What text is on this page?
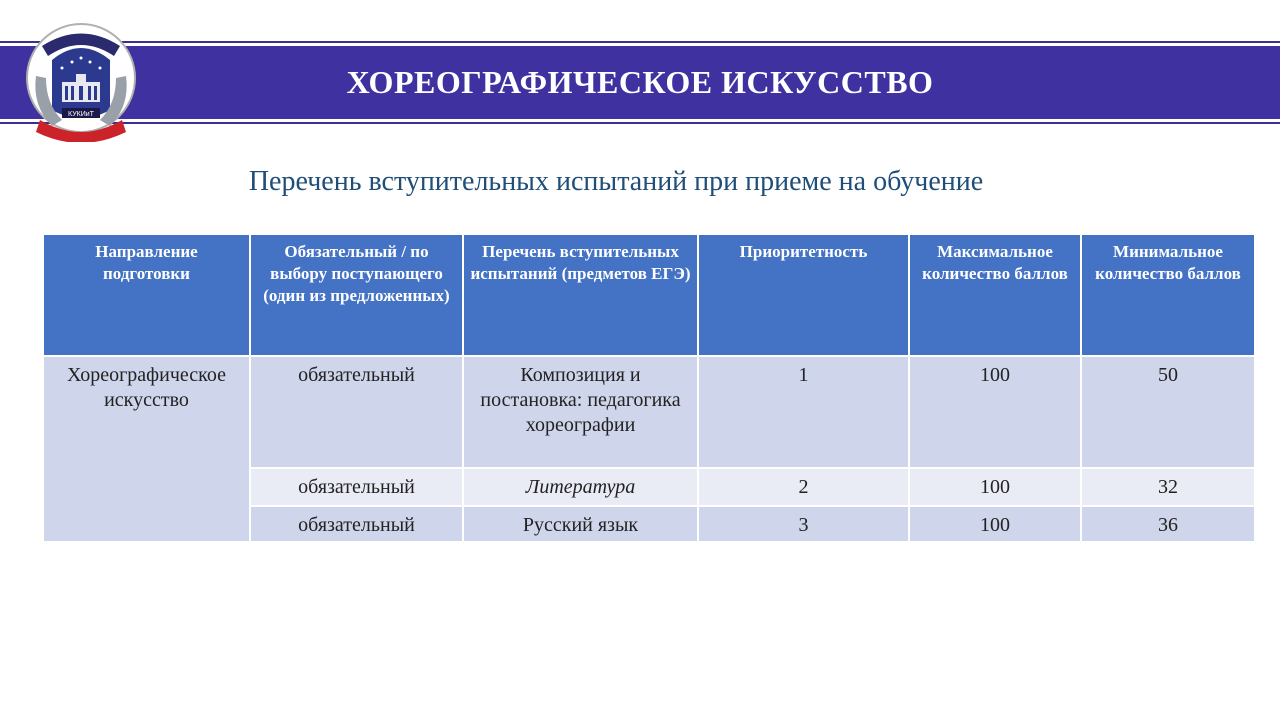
ХОРЕОГРАФИЧЕСКОЕ ИСКУССТВО
КУКИиТ
Перечень вступительных испытаний при приеме на обучение
Направление подготовки	Обязательный / по выбору поступающего (один из предложенных)	Перечень вступительных испытаний (предметов ЕГЭ)	Приоритетность	Максимальное количество баллов	Минимальное количество баллов
Хореографическое искусство	обязательный	Композиция и постановка: педагогика хореографии	1	100	50
	обязательный	Литература	2	100	32
	обязательный	Русский язык	3	100	36
